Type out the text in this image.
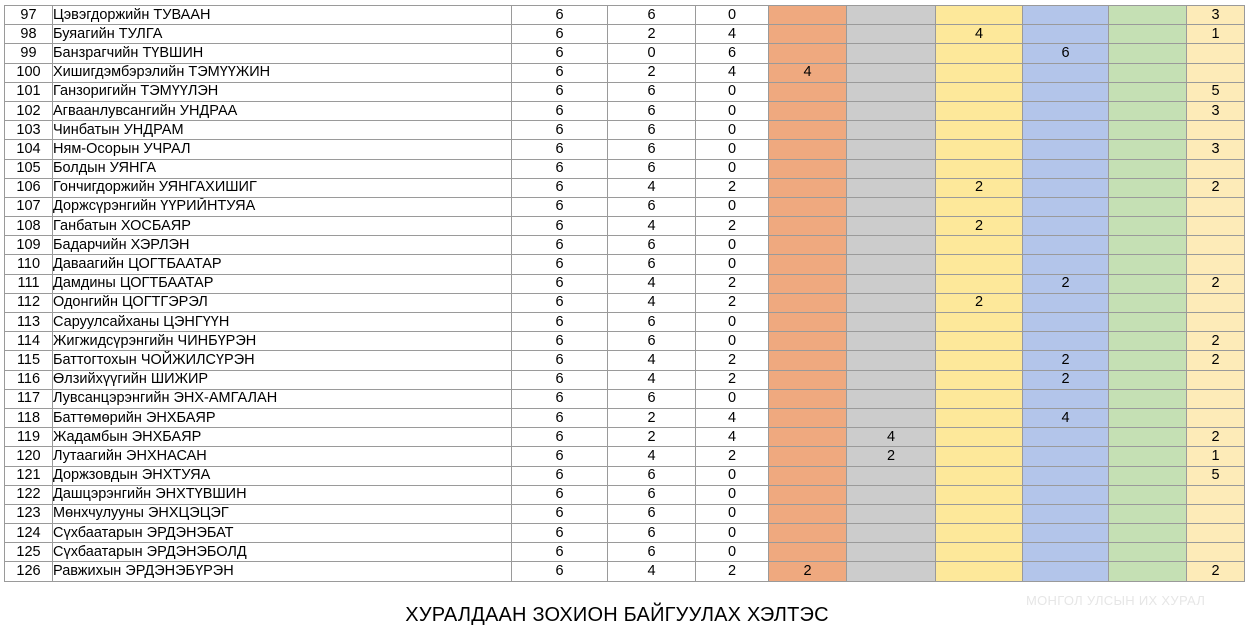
97	Цэвэгдоржийн ТУВААН	6	6	0						3
98	Буяагийн ТУЛГА	6	2	4			4			1
99	Банзрагчийн ТҮВШИН	6	0	6				6		
100	Хишигдэмбэрэлийн ТЭМҮҮЖИН	6	2	4	4					
101	Ганзоригийн ТЭМҮҮЛЭН	6	6	0						5
102	Агваанлувсангийн УНДРАА	6	6	0						3
103	Чинбатын УНДРАМ	6	6	0						
104	Ням-Осорын УЧРАЛ	6	6	0						3
105	Болдын УЯНГА	6	6	0						
106	Гончигдоржийн УЯНГАХИШИГ	6	4	2			2			2
107	Доржсүрэнгийн ҮҮРИЙНТУЯА	6	6	0						
108	Ганбатын ХОСБАЯР	6	4	2			2			
109	Бадарчийн ХЭРЛЭН	6	6	0						
110	Даваагийн ЦОГТБААТАР	6	6	0						
111	Дамдины ЦОГТБААТАР	6	4	2				2		2
112	Одонгийн ЦОГТГЭРЭЛ	6	4	2			2			
113	Саруулсайханы ЦЭНГҮҮН	6	6	0						
114	Жигжидсүрэнгийн ЧИНБҮРЭН	6	6	0						2
115	Баттогтохын ЧОЙЖИЛСҮРЭН	6	4	2				2		2
116	Өлзийхүүгийн ШИЖИР	6	4	2				2		
117	Лувсанцэрэнгийн ЭНХ-АМГАЛАН	6	6	0						
118	Баттөмөрийн ЭНХБАЯР	6	2	4				4		
119	Жадамбын ЭНХБАЯР	6	2	4		4				2
120	Лутаагийн ЭНХНАСАН	6	4	2		2				1
121	Доржзовдын ЭНХТУЯА	6	6	0						5
122	Дашцэрэнгийн ЭНХТҮВШИН	6	6	0						
123	Мөнхчулууны ЭНХЦЭЦЭГ	6	6	0						
124	Сүхбаатарын ЭРДЭНЭБАТ	6	6	0						
125	Сүхбаатарын ЭРДЭНЭБОЛД	6	6	0						
126	Равжихын ЭРДЭНЭБҮРЭН	6	4	2	2					2
ХУРАЛДААН ЗОХИОН БАЙГУУЛАХ ХЭЛТЭС
МОНГОЛ УЛСЫН ИХ ХУРАЛ
